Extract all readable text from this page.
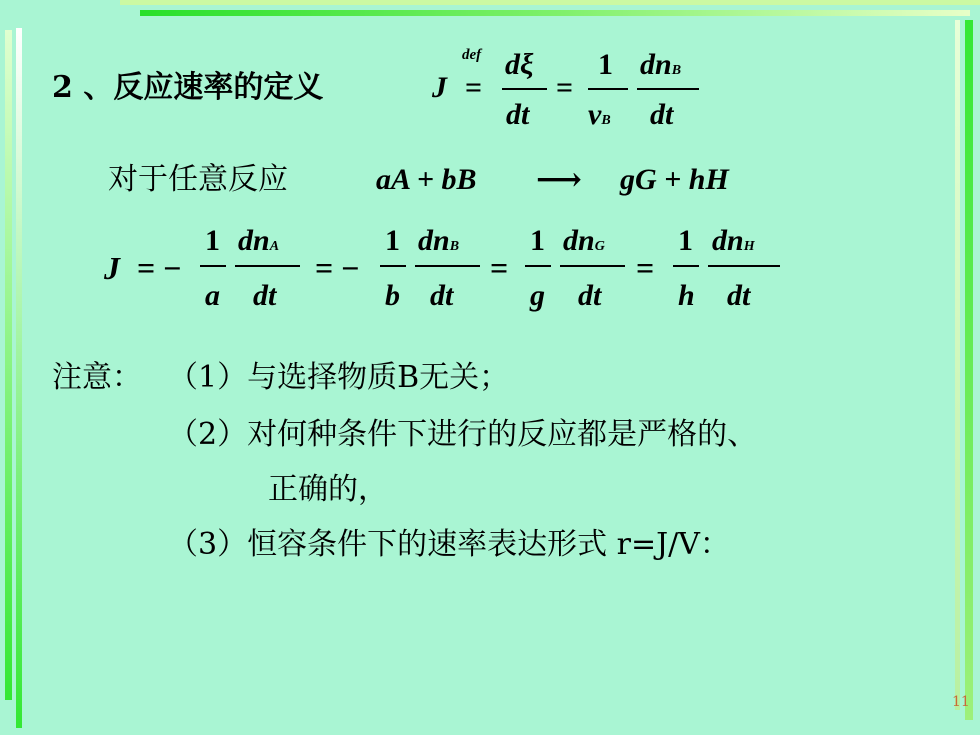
2 、反应速率的定义	J
def
=
dξ
dt
=
1
νB
dnB
dt
对于任意反应	aA + bB ⟶ gG + hH
J = −
1
a
dnA
dt
= −
1
b
dnB
dt
=
1
g
dnG
dt
=
1
h
dnH
dt
注意： （1）与选择物质B无关；
（2）对何种条件下进行的反应都是严格的、
正确的，
（3）恒容条件下的速率表达形式 r=J/V：
11
